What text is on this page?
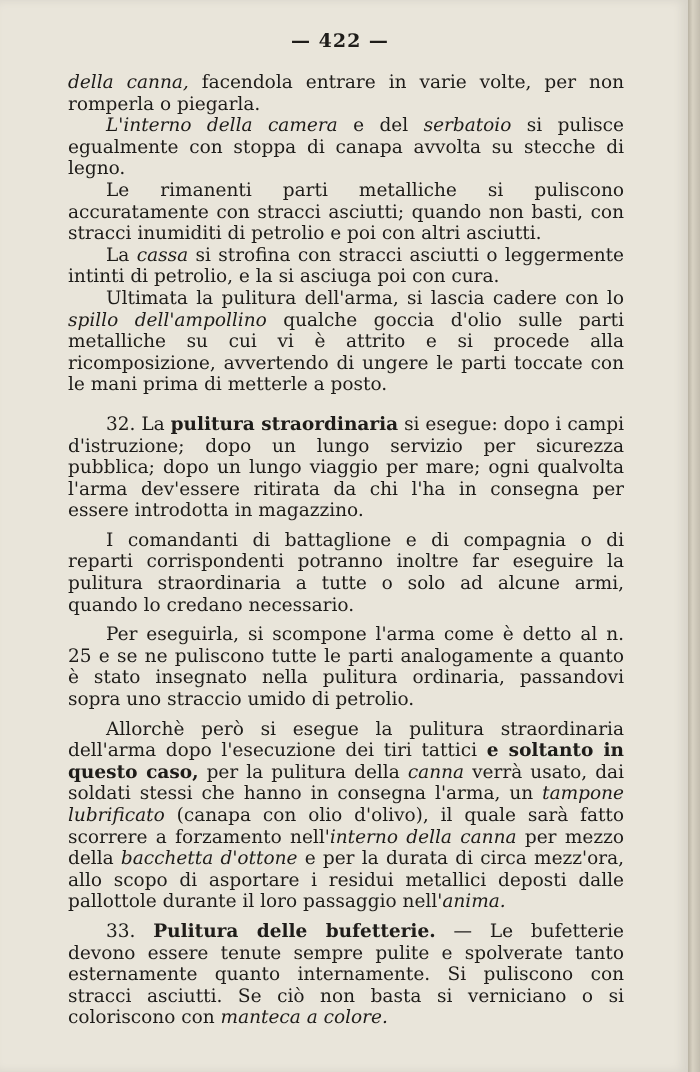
— 422 —

della canna, facendola entrare in varie volte, per non romperla o piegarla.

L'interno della camera e del serbatoio si pulisce egualmente con stoppa di canapa avvolta su stecche di legno.

Le rimanenti parti metalliche si puliscono accuratamente con stracci asciutti; quando non basti, con stracci inumiditi di petrolio e poi con altri asciutti.

La cassa si strofina con stracci asciutti o leggermente intinti di petrolio, e la si asciuga poi con cura.

Ultimata la pulitura dell'arma, si lascia cadere con lo spillo dell'ampollino qualche goccia d'olio sulle parti metalliche su cui vi è attrito e si procede alla ricomposizione, avvertendo di ungere le parti toccate con le mani prima di metterle a posto.

32. La pulitura straordinaria si esegue: dopo i campi d'istruzione; dopo un lungo servizio per sicurezza pubblica; dopo un lungo viaggio per mare; ogni qualvolta l'arma dev'essere ritirata da chi l'ha in consegna per essere introdotta in magazzino.

I comandanti di battaglione e di compagnia o di reparti corrispondenti potranno inoltre far eseguire la pulitura straordinaria a tutte o solo ad alcune armi, quando lo credano necessario.

Per eseguirla, si scompone l'arma come è detto al n. 25 e se ne puliscono tutte le parti analogamente a quanto è stato insegnato nella pulitura ordinaria, passandovi sopra uno straccio umido di petrolio.

Allorchè però si esegue la pulitura straordinaria dell'arma dopo l'esecuzione dei tiri tattici e soltanto in questo caso, per la pulitura della canna verrà usato, dai soldati stessi che hanno in consegna l'arma, un tampone lubrificato (canapa con olio d'olivo), il quale sarà fatto scorrere a forzamento nell'interno della canna per mezzo della bacchetta d'ottone e per la durata di circa mezz'ora, allo scopo di asportare i residui metallici deposti dalle pallottole durante il loro passaggio nell'anima.

33. Pulitura delle bufetterie. — Le bufetterie devono essere tenute sempre pulite e spolverate tanto esternamente quanto internamente. Si puliscono con stracci asciutti. Se ciò non basta si verniciano o si coloriscono con manteca a colore.
